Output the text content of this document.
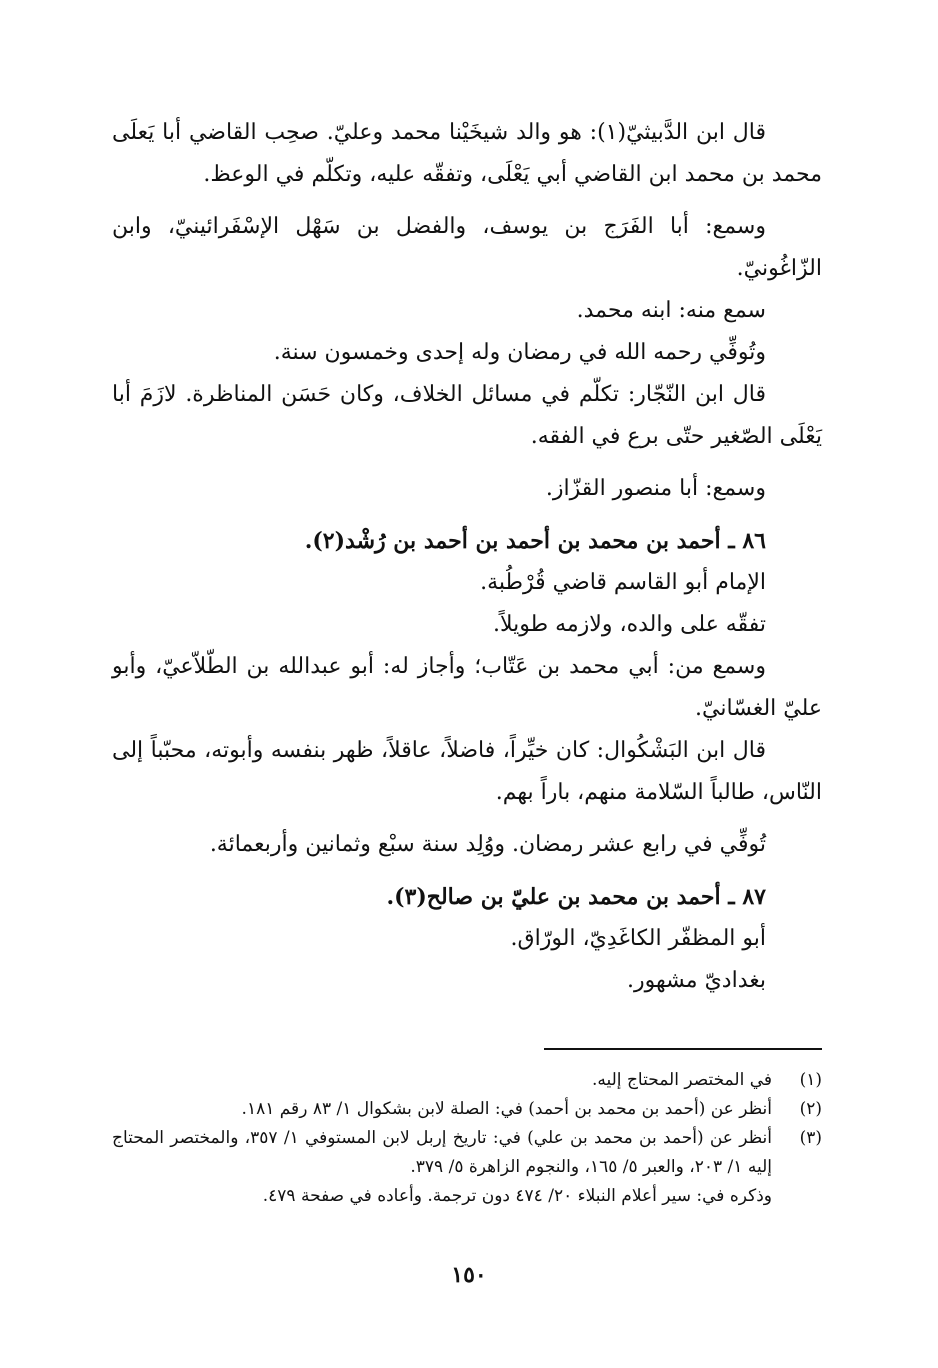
قال ابن الدَّبيثيّ(١): هو والد شيخَيْنا محمد وعليّ. صحِب القاضي أبا يَعلَى محمد بن محمد ابن القاضي أبي يَعْلَى، وتفقّه عليه، وتكلّم في الوعظ.

وسمع: أبا الفَرَج بن يوسف، والفضل بن سَهْل الإسْفَرائينيّ، وابن الزّاغُونيّ.

سمع منه: ابنه محمد.

وتُوفِّي رحمه الله في رمضان وله إحدى وخمسون سنة.

قال ابن النّجّار: تكلّم في مسائل الخلاف، وكان حَسَن المناظرة. لازَمَ أبا يَعْلَى الصّغير حتّى برع في الفقه.

وسمع: أبا منصور القزّاز.

٨٦ ـ أحمد بن محمد بن أحمد بن أحمد بن رُشْد(٢).

الإمام أبو القاسم قاضي قُرْطُبة.

تفقّه على والده، ولازمه طويلاً.

وسمع من: أبي محمد بن عَتّاب؛ وأجاز له: أبو عبدالله بن الطّلاّعيّ، وأبو عليّ الغسّانيّ.

قال ابن البَشْكُوال: كان خيِّراً، فاضلاً، عاقلاً، ظهر بنفسه وأبوته، محبّباً إلى النّاس، طالباً السّلامة منهم، باراً بهم.

تُوفِّي في رابع عشر رمضان. ووُلِد سنة سبْع وثمانين وأربعمائة.

٨٧ ـ أحمد بن محمد بن عليّ بن صالح(٣).

أبو المظفّر الكاغَدِيّ، الورّاق.

بغداديّ مشهور.

(١)
في المختصر المحتاج إليه.
(٢)
أنظر عن (أحمد بن محمد بن أحمد) في: الصلة لابن بشكوال ١/ ٨٣ رقم ١٨١.
(٣)
أنظر عن (أحمد بن محمد بن علي) في: تاريخ إربل لابن المستوفي ١/ ٣٥٧، والمختصر المحتاج إليه ١/ ٢٠٣، والعبر ٥/ ١٦٥، والنجوم الزاهرة ٥/ ٣٧٩.
وذكره في: سير أعلام النبلاء ٢٠/ ٤٧٤ دون ترجمة. وأعاده في صفحة ٤٧٩.
١٥٠
